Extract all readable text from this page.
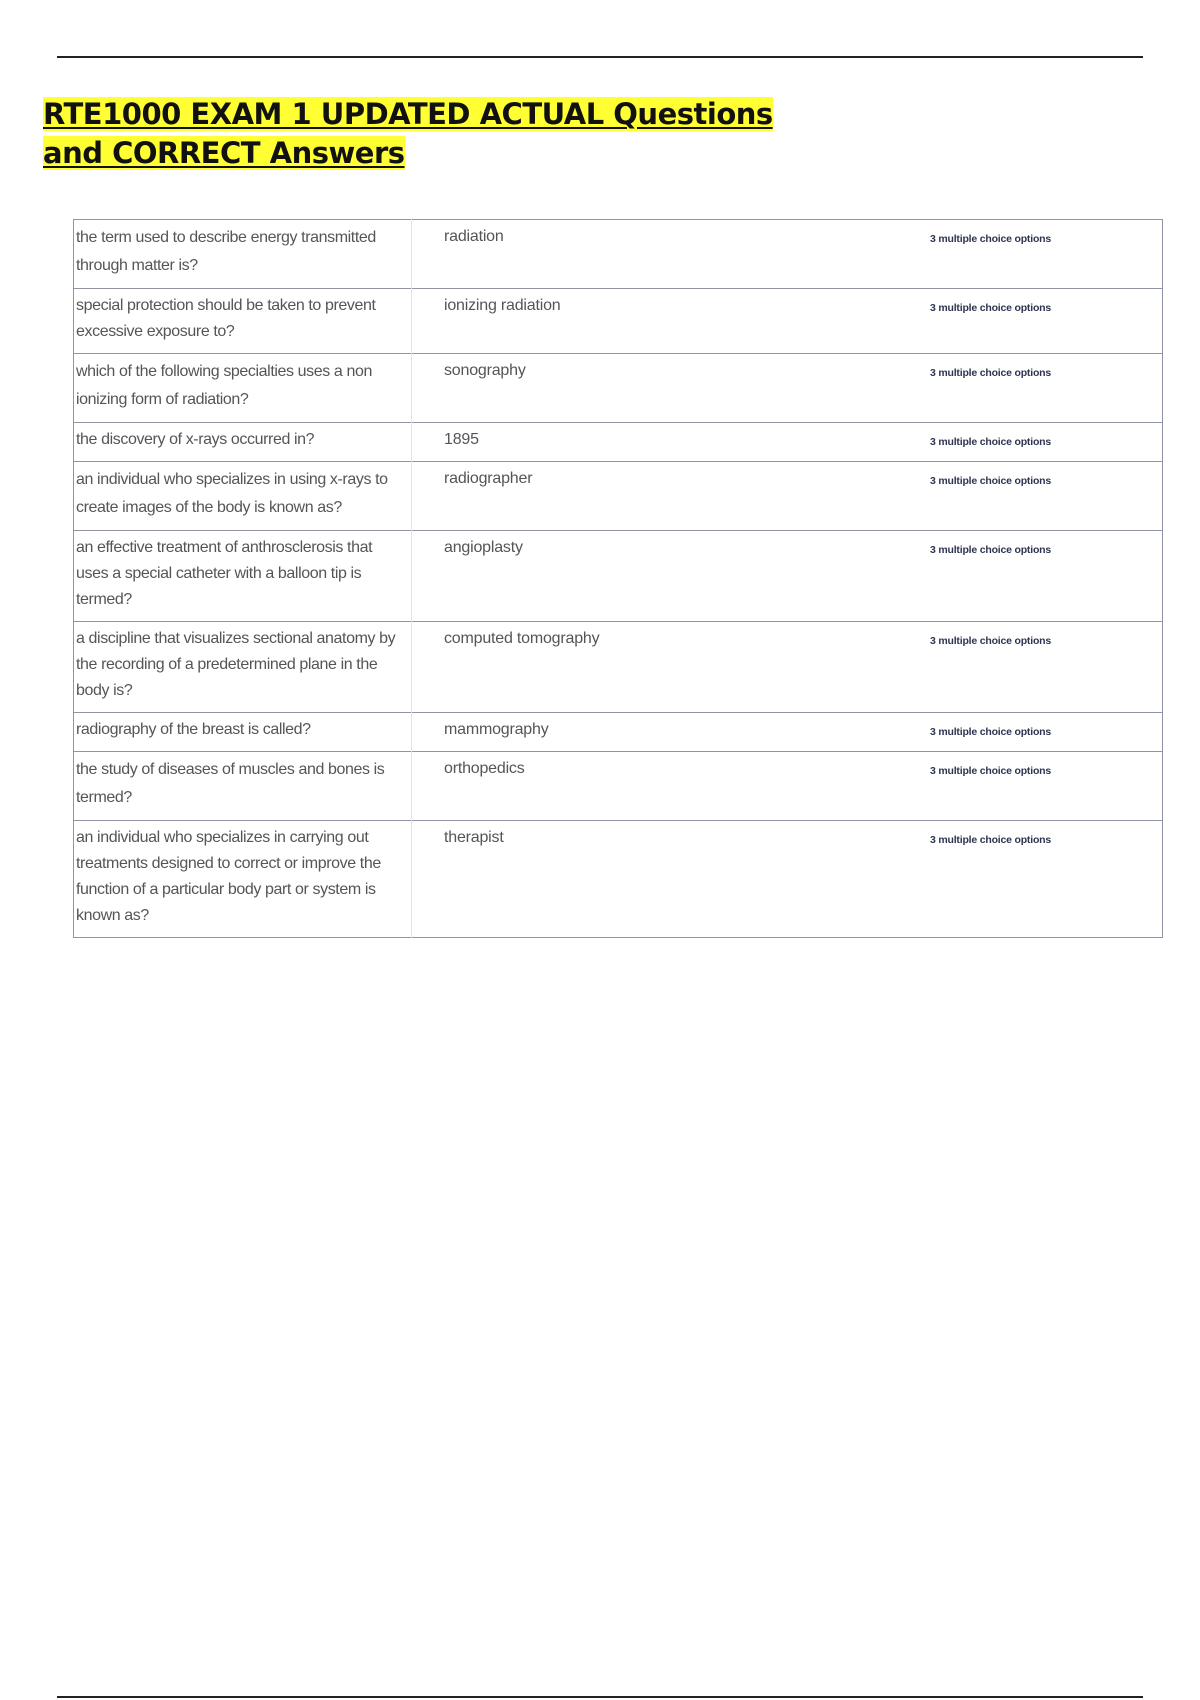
RTE1000 EXAM 1 UPDATED ACTUAL Questions and CORRECT Answers
the term used to describe energy transmitted through matter is?	radiation	3 multiple choice options
special protection should be taken to prevent excessive exposure to?	ionizing radiation	3 multiple choice options
which of the following specialties uses a non ionizing form of radiation?	sonography	3 multiple choice options
the discovery of x-rays occurred in?	1895	3 multiple choice options
an individual who specializes in using x-rays to create images of the body is known as?	radiographer	3 multiple choice options
an effective treatment of anthrosclerosis that uses a special catheter with a balloon tip is termed?	angioplasty	3 multiple choice options
a discipline that visualizes sectional anatomy by the recording of a predetermined plane in the body is?	computed tomography	3 multiple choice options
radiography of the breast is called?	mammography	3 multiple choice options
the study of diseases of muscles and bones is termed?	orthopedics	3 multiple choice options
an individual who specializes in carrying out treatments designed to correct or improve the function of a particular body part or system is known as?	therapist	3 multiple choice options
